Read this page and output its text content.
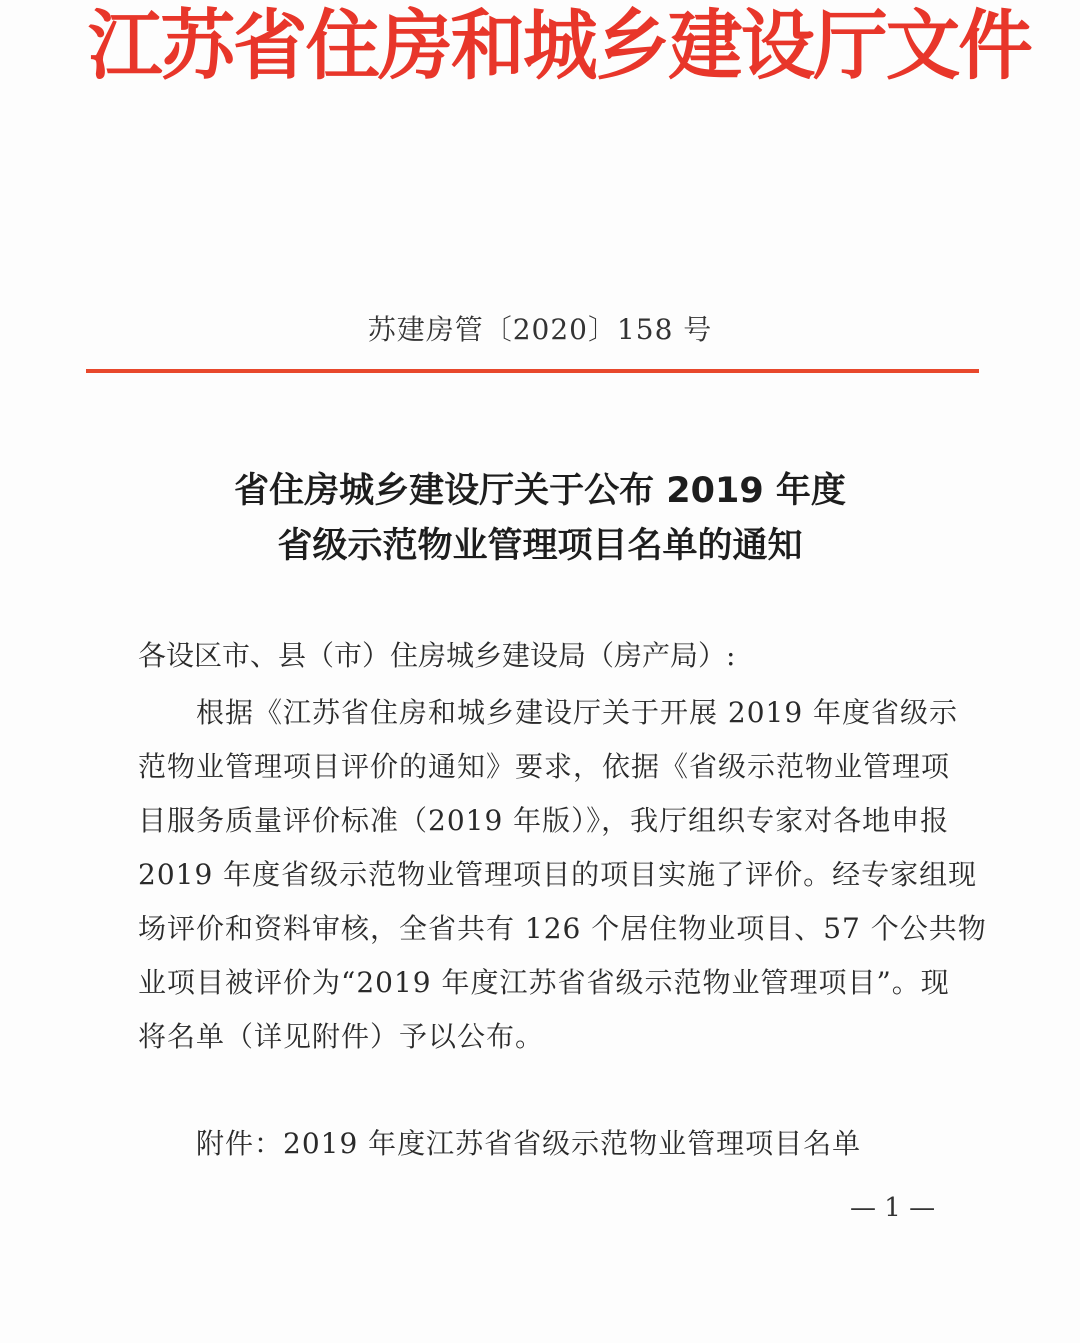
江苏省住房和城乡建设厅文件
苏建房管〔2020〕158 号
省住房城乡建设厅关于公布 2019 年度
省级示范物业管理项目名单的通知
各设区市、县（市）住房城乡建设局（房产局）:
根据《江苏省住房和城乡建设厅关于开展 2019 年度省级示
范物业管理项目评价的通知》要求，依据《省级示范物业管理项
目服务质量评价标准（2019 年版）》，我厅组织专家对各地申报
2019 年度省级示范物业管理项目的项目实施了评价。经专家组现
场评价和资料审核，全省共有 126 个居住物业项目、57 个公共物
业项目被评价为“2019 年度江苏省省级示范物业管理项目”。现
将名单（详见附件）予以公布。
附件：2019 年度江苏省省级示范物业管理项目名单
— 1 —
